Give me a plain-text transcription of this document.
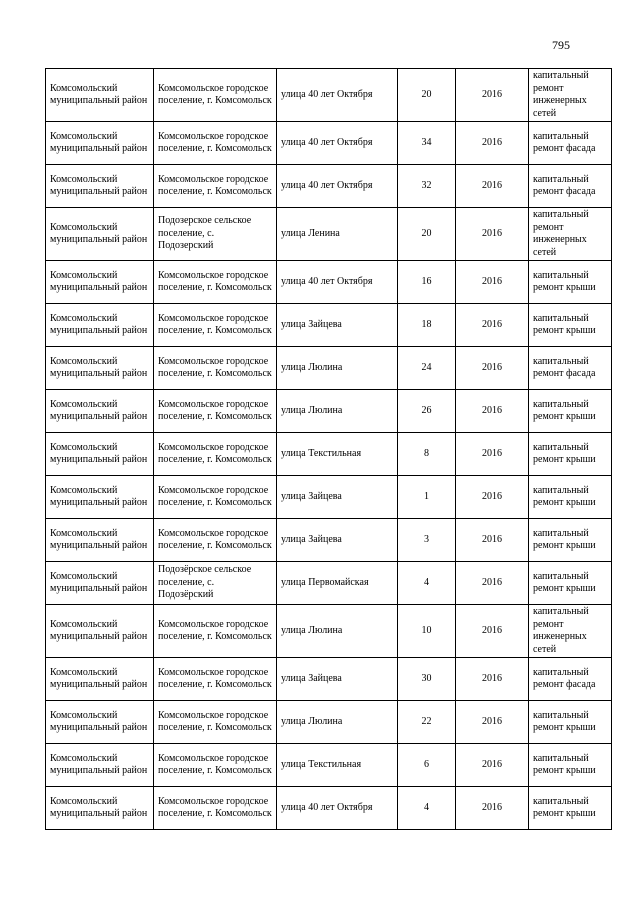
795
Комсомольский муниципальный район	Комсомольское городское поселение, г. Комсомольск	улица 40 лет Октября	20	2016	капитальный ремонт инженерных сетей
Комсомольский муниципальный район	Комсомольское городское поселение, г. Комсомольск	улица 40 лет Октября	34	2016	капитальный ремонт фасада
Комсомольский муниципальный район	Комсомольское городское поселение, г. Комсомольск	улица 40 лет Октября	32	2016	капитальный ремонт фасада
Комсомольский муниципальный район	Подозерское сельское поселение, с. Подозерский	улица Ленина	20	2016	капитальный ремонт инженерных сетей
Комсомольский муниципальный район	Комсомольское городское поселение, г. Комсомольск	улица 40 лет Октября	16	2016	капитальный ремонт крыши
Комсомольский муниципальный район	Комсомольское городское поселение, г. Комсомольск	улица Зайцева	18	2016	капитальный ремонт крыши
Комсомольский муниципальный район	Комсомольское городское поселение, г. Комсомольск	улица Люлина	24	2016	капитальный ремонт фасада
Комсомольский муниципальный район	Комсомольское городское поселение, г. Комсомольск	улица Люлина	26	2016	капитальный ремонт крыши
Комсомольский муниципальный район	Комсомольское городское поселение, г. Комсомольск	улица Текстильная	8	2016	капитальный ремонт крыши
Комсомольский муниципальный район	Комсомольское городское поселение, г. Комсомольск	улица Зайцева	1	2016	капитальный ремонт крыши
Комсомольский муниципальный район	Комсомольское городское поселение, г. Комсомольск	улица Зайцева	3	2016	капитальный ремонт крыши
Комсомольский муниципальный район	Подозёрское сельское поселение, с. Подозёрский	улица Первомайская	4	2016	капитальный ремонт крыши
Комсомольский муниципальный район	Комсомольское городское поселение, г. Комсомольск	улица Люлина	10	2016	капитальный ремонт инженерных сетей
Комсомольский муниципальный район	Комсомольское городское поселение, г. Комсомольск	улица Зайцева	30	2016	капитальный ремонт фасада
Комсомольский муниципальный район	Комсомольское городское поселение, г. Комсомольск	улица Люлина	22	2016	капитальный ремонт крыши
Комсомольский муниципальный район	Комсомольское городское поселение, г. Комсомольск	улица Текстильная	6	2016	капитальный ремонт крыши
Комсомольский муниципальный район	Комсомольское городское поселение, г. Комсомольск	улица 40 лет Октября	4	2016	капитальный ремонт крыши
